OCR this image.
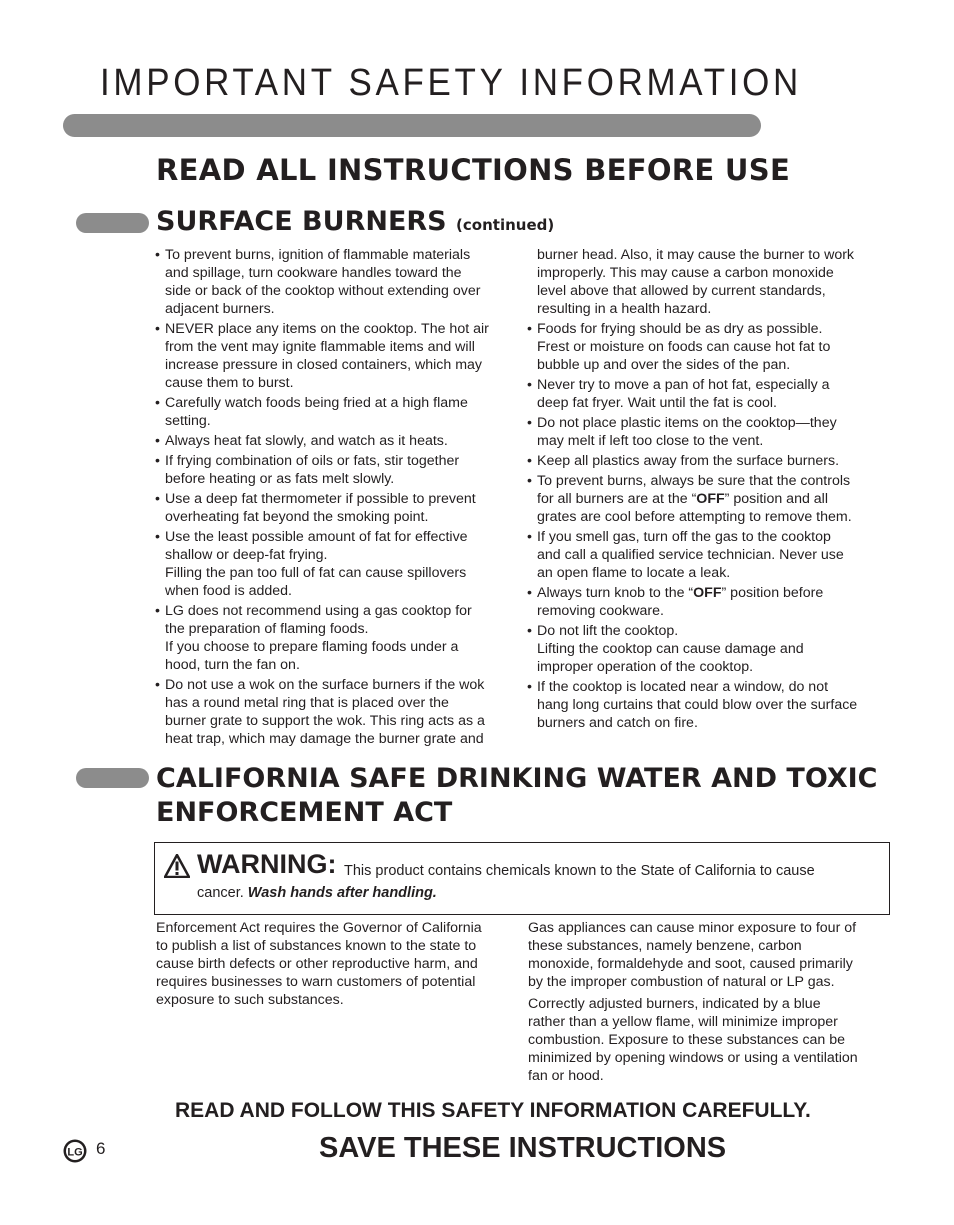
IMPORTANT SAFETY INFORMATION
READ ALL INSTRUCTIONS BEFORE USE
SURFACE BURNERS (continued)
• To prevent burns, ignition of flammable materials
and spillage, turn cookware handles toward the
side or back of the cooktop without extending over
adjacent burners.
• NEVER place any items on the cooktop. The hot air
from the vent may ignite flammable items and will
increase pressure in closed containers, which may
cause them to burst.
• Carefully watch foods being fried at a high flame
setting.
• Always heat fat slowly, and watch as it heats.
• If frying combination of oils or fats, stir together
before heating or as fats melt slowly.
• Use a deep fat thermometer if possible to prevent
overheating fat beyond the smoking point.
• Use the least possible amount of fat for effective
shallow or deep-fat frying.
Filling the pan too full of fat can cause spillovers
when food is added.
• LG does not recommend using a gas cooktop for
the preparation of flaming foods.
If you choose to prepare flaming foods under a
hood, turn the fan on.
• Do not use a wok on the surface burners if the wok
has a round metal ring that is placed over the
burner grate to support the wok. This ring acts as a
heat trap, which may damage the burner grate and
burner head. Also, it may cause the burner to work
improperly. This may cause a carbon monoxide
level above that allowed by current standards,
resulting in a health hazard.
• Foods for frying should be as dry as possible.
Frest or moisture on foods can cause hot fat to
bubble up and over the sides of the pan.
• Never try to move a pan of hot fat, especially a
deep fat fryer. Wait until the fat is cool.
• Do not place plastic items on the cooktop—they
may melt if left too close to the vent.
• Keep all plastics away from the surface burners.
• To prevent burns, always be sure that the controls
for all burners are at the “OFF” position and all
grates are cool before attempting to remove them.
• If you smell gas, turn off the gas to the cooktop
and call a qualified service technician. Never use
an open flame to locate a leak.
• Always turn knob to the “OFF” position before
removing cookware.
• Do not lift the cooktop.
Lifting the cooktop can cause damage and
improper operation of the cooktop.
• If the cooktop is located near a window, do not
hang long curtains that could blow over the surface
burners and catch on fire.
CALIFORNIA SAFE DRINKING WATER AND TOXIC
ENFORCEMENT ACT
WARNING: This product contains chemicals known to the State of California to cause
cancer. Wash hands after handling.
Enforcement Act requires the Governor of California
to publish a list of substances known to the state to
cause birth defects or other reproductive harm, and
requires businesses to warn customers of potential
exposure to such substances.

Gas appliances can cause minor exposure to four of
these substances, namely benzene, carbon
monoxide, formaldehyde and soot, caused primarily
by the improper combustion of natural or LP gas.

Correctly adjusted burners, indicated by a blue
rather than a yellow flame, will minimize improper
combustion. Exposure to these substances can be
minimized by opening windows or using a ventilation
fan or hood.

READ AND FOLLOW THIS SAFETY INFORMATION CAREFULLY.
SAVE THESE INSTRUCTIONS
LG 6
